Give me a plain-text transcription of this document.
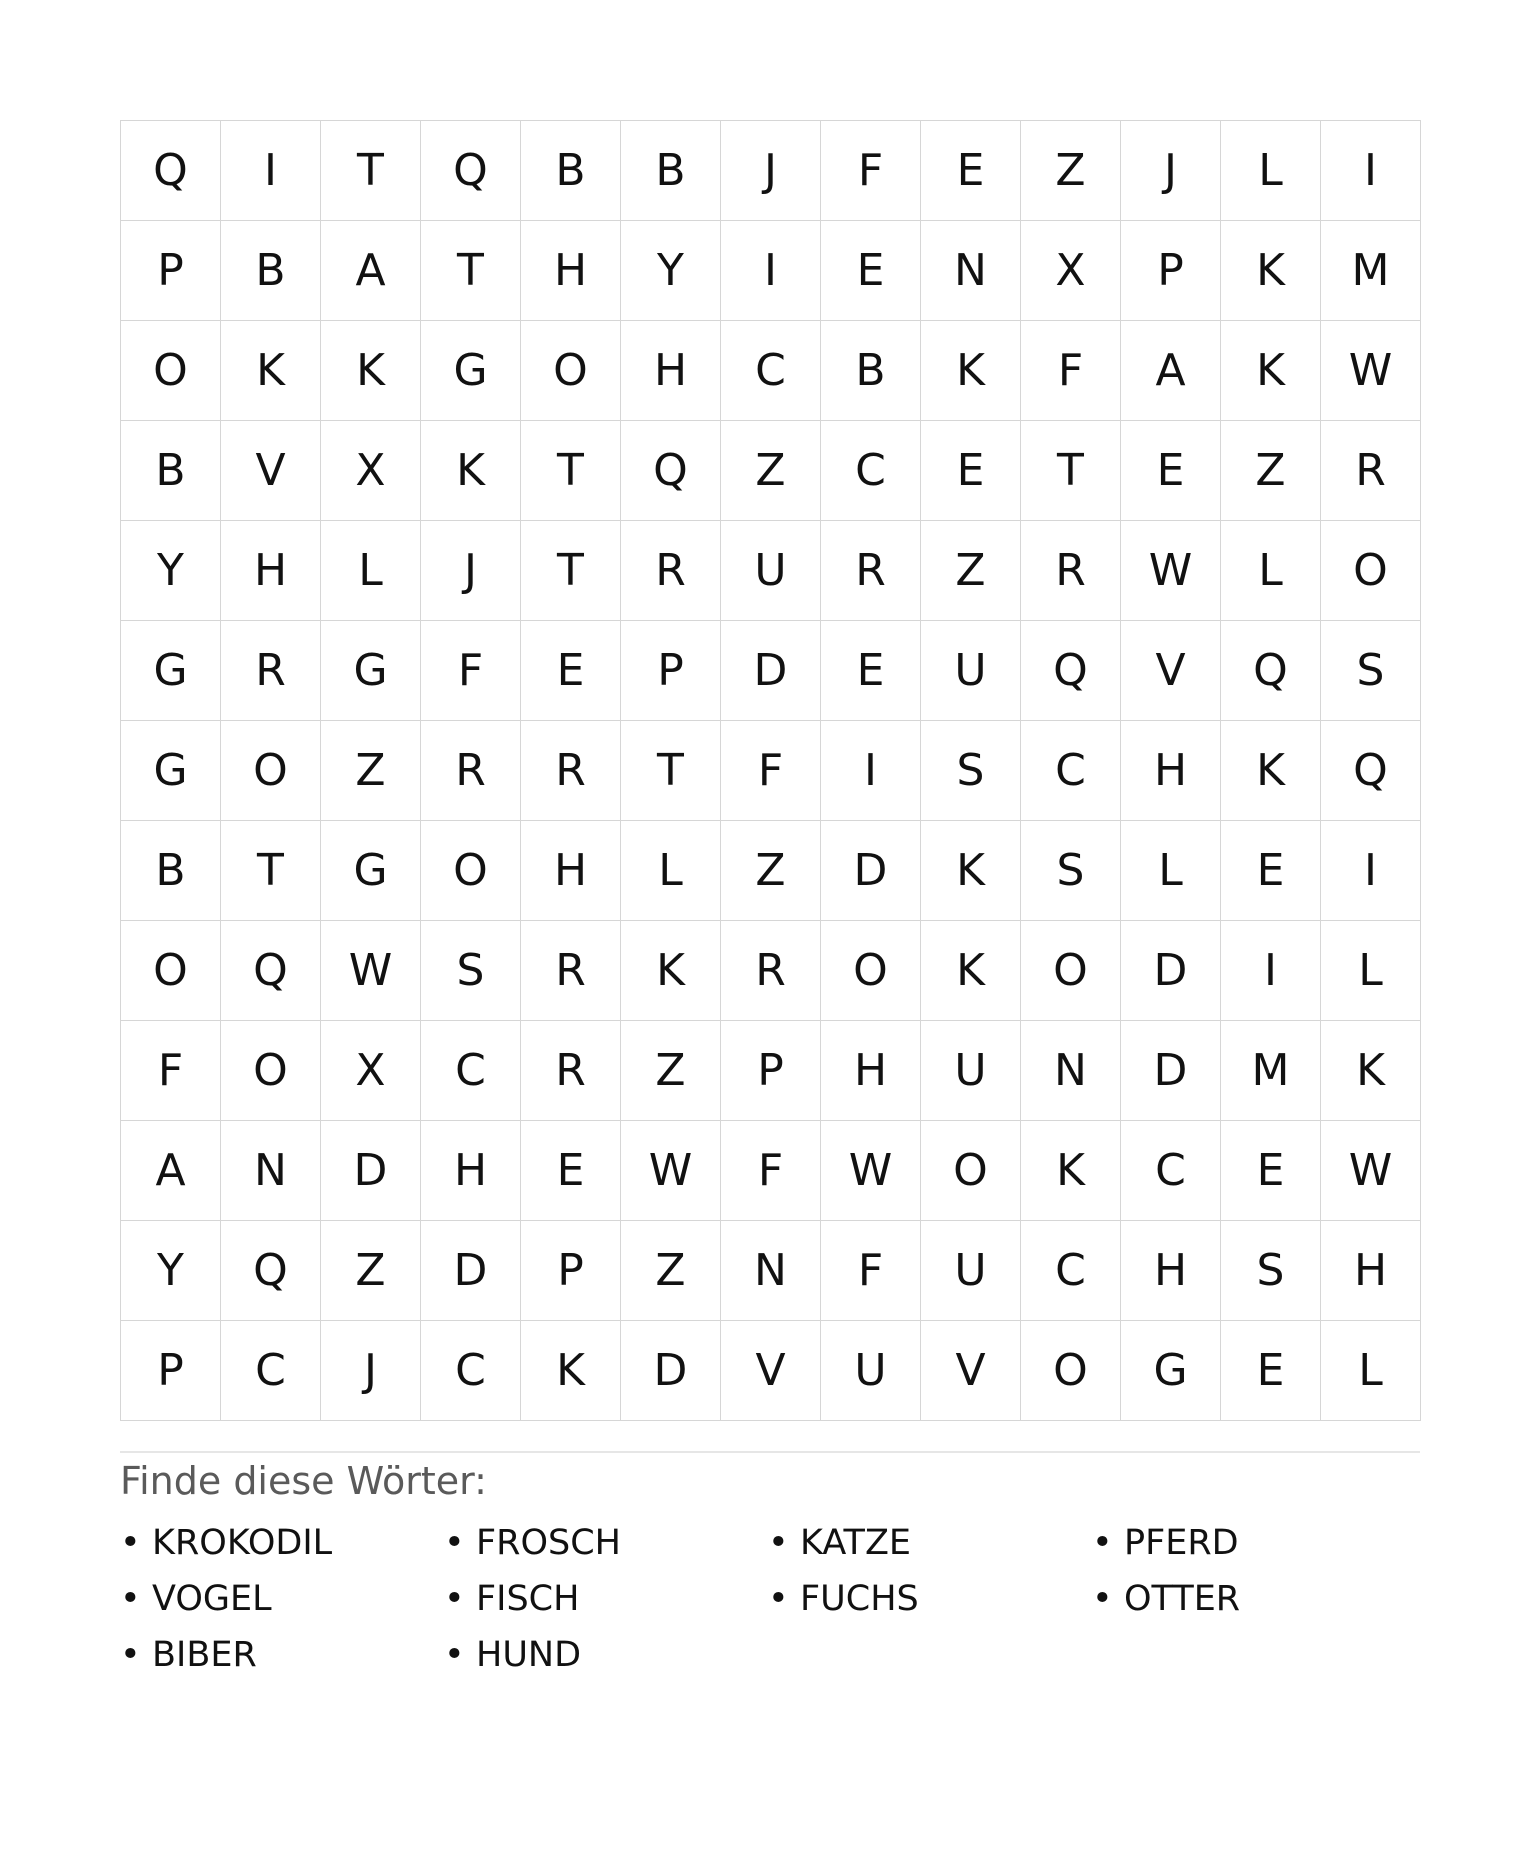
Q	I	T	Q	B	B	J	F	E	Z	J	L	I
P	B	A	T	H	Y	I	E	N	X	P	K	M
O	K	K	G	O	H	C	B	K	F	A	K	W
B	V	X	K	T	Q	Z	C	E	T	E	Z	R
Y	H	L	J	T	R	U	R	Z	R	W	L	O
G	R	G	F	E	P	D	E	U	Q	V	Q	S
G	O	Z	R	R	T	F	I	S	C	H	K	Q
B	T	G	O	H	L	Z	D	K	S	L	E	I
O	Q	W	S	R	K	R	O	K	O	D	I	L
F	O	X	C	R	Z	P	H	U	N	D	M	K
A	N	D	H	E	W	F	W	O	K	C	E	W
Y	Q	Z	D	P	Z	N	F	U	C	H	S	H
P	C	J	C	K	D	V	U	V	O	G	E	L
Finde diese Wörter:
• KROKODIL	• FROSCH	• KATZE	• PFERD
• VOGEL	• FISCH	• FUCHS	• OTTER
• BIBER	• HUND
